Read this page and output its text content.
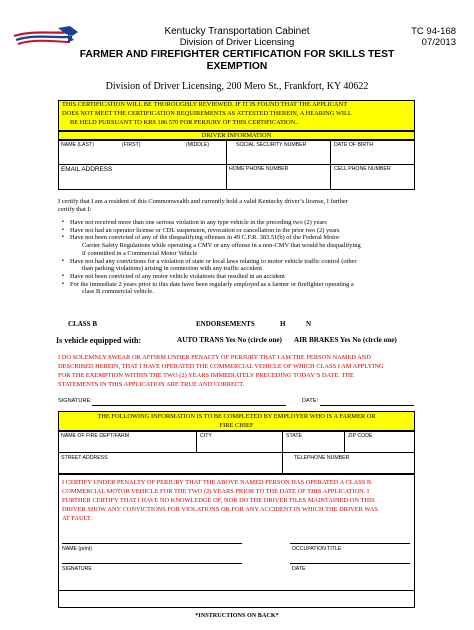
Kentucky Transportation Cabinet
Division of Driver Licensing
TC 94-168
07/2013
FARMER AND FIREFIGHTER CERTIFICATION FOR SKILLS TEST
EXEMPTION
Division of Driver Licensing, 200 Mero St., Frankfort, KY 40622
THIS CERTIFICATION WILL BE THOROUGHLY REVIEWED. IF IT IS FOUND THAT THE APPLICANT
DOES NOT MEET THE CERTIFICATION REQUIREMENTS AS ATTESTED THEREIN, A HEARING WILL
BE HELD PURSUANT TO KRS 186.570 FOR PERJURY OF THIS CERTIFICATION..
DRIVER INFORMATION
NAME (LAST)	(FIRST)	(MIDDLE)	SOCIAL SECURITY NUMBER	DATE OF BIRTH
EMAIL ADDRESS	HOME PHONE NUMBER	CELL PHONE NUMBER
I certify that I am a resident of this Commonwealth and currently hold a valid Kentucky driver’s license, I further
certify that I:
▪ Have not received more than one serious violation in any type vehicle in the preceding two (2) years
▪ Have not had an operator license or CDL suspension, revocation or cancellation in the prior two (2) years
▪ Have not been convicted of any of the disqualifying offenses in 49 C.F.R. 383.51(b) of the Federal Motor
Carrier Safety Regulations while operating a CMV or any offense in a non-CMV that would be disqualifying
if committed in a Commercial Motor Vehicle
▪ Have not had any convictions for a violation of state or local laws relating to motor vehicle traffic control (other
than parking violations) arising in connection with any traffic accident
▪ Have not been convicted of any motor vehicle violations that resulted in an accident
▪ For the immediate 2 years prior to this date have been regularly employed as a farmer or firefighter operating a
class B commercial vehicle.
CLASS B	ENDORSEMENTS	H	N
Is vehicle equipped with:	AUTO TRANS Yes No (circle one) AIR BRAKES Yes No (circle one)
I DO SOLEMNLY SWEAR OR AFFIRM UNDER PENALTY OF PERJURY THAT I AM THE PERSON NAMED AND
DESCRIBED HEREIN, THAT I HAVE OPERATED THE COMMERCIAL VEHICLE OF WHICH CLASS I AM APPLYING
FOR THE EXEMPTION WITHIN THE TWO (2) YEARS IMMEDIATELY PRECEDING TODAY’S DATE. THE
STATEMENTS IN THIS APPLICATION ARE TRUE AND CORRECT.
SIGNATURE:	DATE:
THE FOLLOWING INFORMATION IS TO BE COMPLETED BY EMPLOYER WHO IS A FARMER OR
FIRE CHIEF
NAME OF FIRE DEPT/FARM	CITY	STATE	ZIP CODE
STREET ADDRESS	TELEPHONE NUMBER
I CERTIFY UNDER PENALTY OF PERJURY THAT THE ABOVE NAMED PERSON HAS OPERATED A CLASS B
COMMERCIAL MOTOR VEHICLE FOR THE TWO (2) YEARS PRIOR TO THE DATE OF THIS APPLICATION. I
FURTHER CERTIFY THAT I HAVE NO KNOWLEDGE OF, NOR DO THE DRIVER FILES MAINTAINED ON THIS
DRIVER SHOW ANY CONVICTIONS FOR VIOLATIONS OR FOR ANY ACCIDENT IN WHICH THE DRIVER WAS
AT FAULT.
NAME (print)	OCCUPATION TITLE
SIGNATURE	DATE
*INSTRUCTIONS ON BACK*
